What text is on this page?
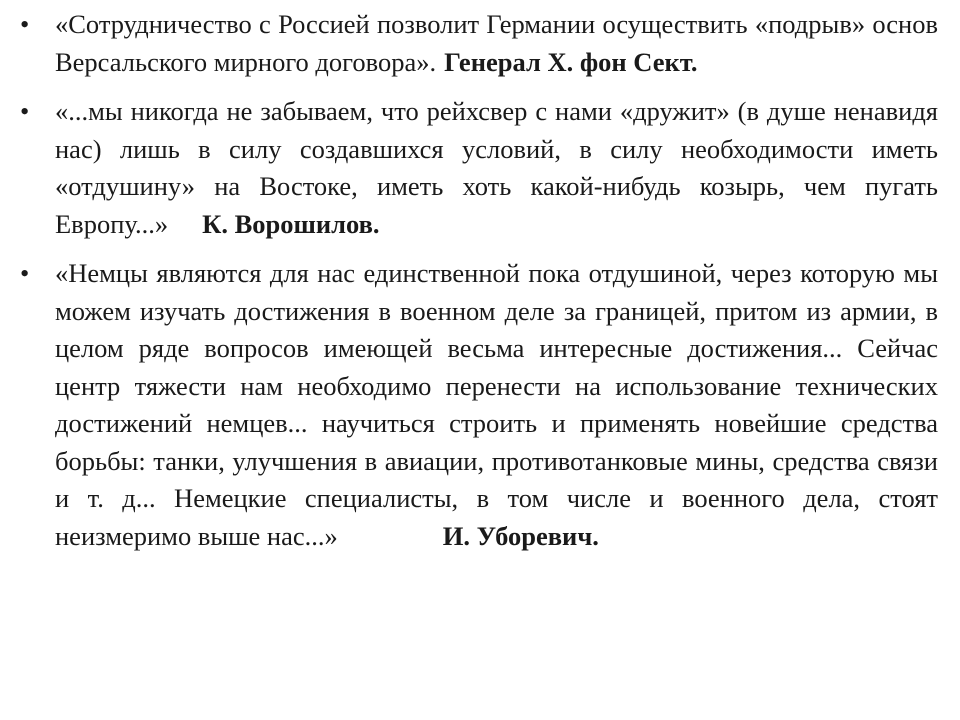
• «Сотрудничество с Россией позволит Германии осуществить «подрыв» основ Версальского мирного договора». Генерал Х. фон Сект.
• «...мы никогда не забываем, что рейхсвер с нами «дружит» (в душе ненавидя нас) лишь в силу создавшихся условий, в силу необходимости иметь «отдушину» на Востоке, иметь хоть какой-нибудь козырь, чем пугать Европу...» К. Ворошилов.
• «Немцы являются для нас единственной пока отдушиной, через которую мы можем изучать достижения в военном деле за границей, притом из армии, в целом ряде вопросов имеющей весьма интересные достижения... Сейчас центр тяжести нам необходимо перенести на использование технических достижений немцев... научиться строить и применять новейшие средства борьбы: танки, улучшения в авиации, противотанковые мины, средства связи и т. д... Немецкие специалисты, в том числе и военного дела, стоят неизмеримо выше нас...»	И. Уборевич.
